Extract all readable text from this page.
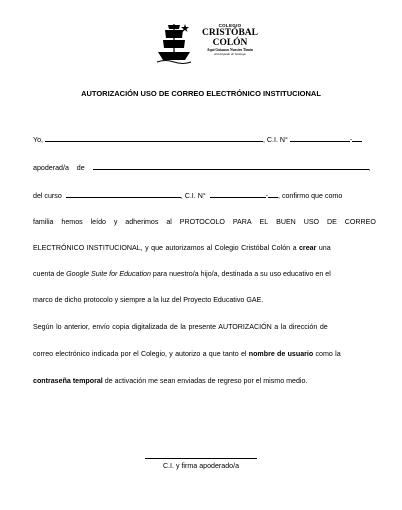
COLEGIO
CRISTÓBAL COLÓN
Aquí Guiamos Nuestro Timón
Arzobispado de Santiago
AUTORIZACIÓN USO DE CORREO ELECTRÓNICO INSTITUCIONAL
Yo,	, C.I. N°	-
apoderad/a de	,
del curso	, C.I. N°	- , confirmo que como
familia hemos leído y adherimos al PROTOCOLO PARA EL BUEN USO DE CORREO
ELECTRÓNICO INSTITUCIONAL, y que autorizamos al Colegio Cristóbal Colón a crear una
cuenta de Google Suite for Education para nuestro/a hijo/a, destinada a su uso educativo en el
marco de dicho protocolo y siempre a la luz del Proyecto Educativo GAE.
Según lo anterior, envío copia digitalizada de la presente AUTORIZACIÓN a la dirección de
correo electrónico indicada por el Colegio, y autorizo a que tanto el nombre de usuario como la
contraseña temporal de activación me sean enviadas de regreso por el mismo medio.
C.I. y firma apoderado/a
